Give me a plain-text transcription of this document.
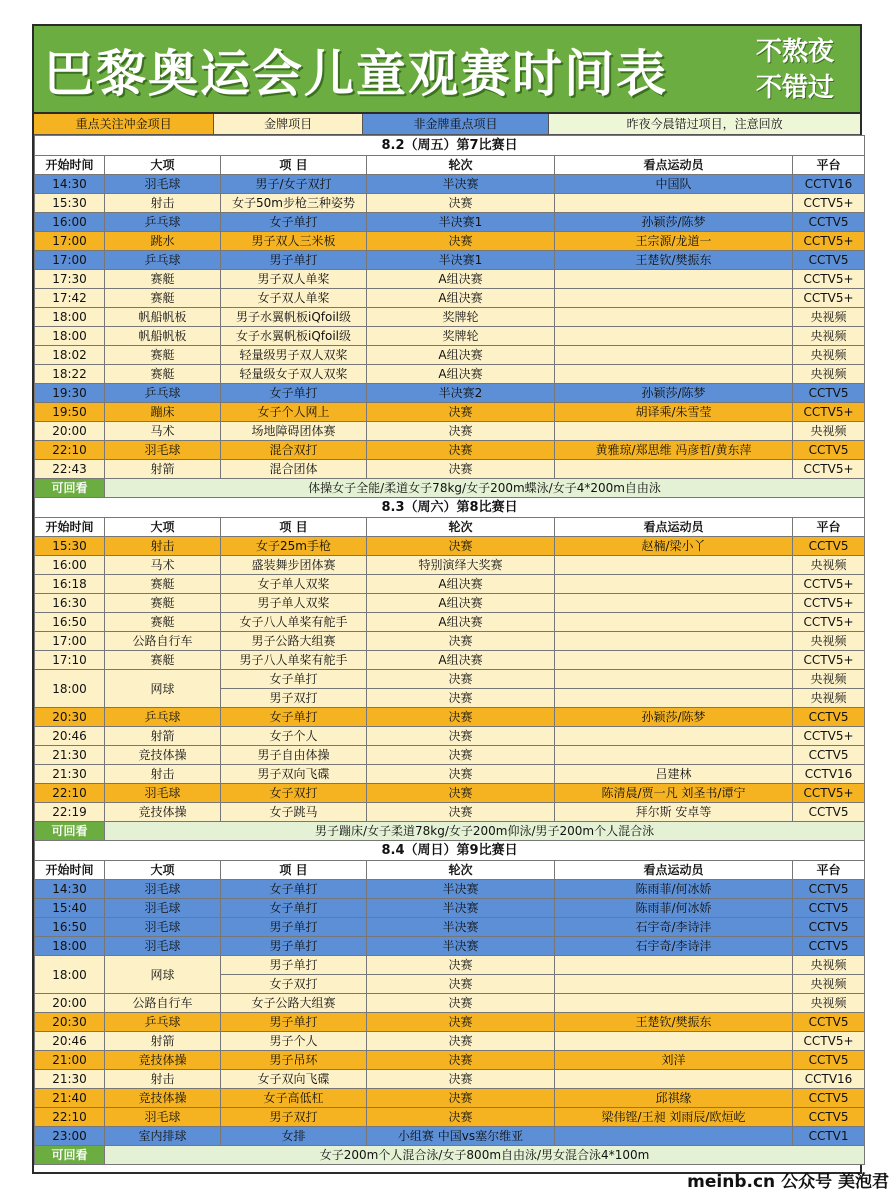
巴黎奥运会儿童观赛时间表	不熬夜
不错过
重点关注冲金项目	金牌项目	非金牌重点项目	昨夜今晨错过项目，注意回放
8.2（周五）第7比赛日					
开始时间	大项	项 目	轮次	看点运动员	平台
14:30	羽毛球	男子/女子双打	半决赛	中国队	CCTV16
15:30	射击	女子50m步枪三种姿势	决赛		CCTV5+
16:00	乒乓球	女子单打	半决赛1	孙颖莎/陈梦	CCTV5
17:00	跳水	男子双人三米板	决赛	王宗源/龙道一	CCTV5+
17:00	乒乓球	男子单打	半决赛1	王楚钦/樊振东	CCTV5
17:30	赛艇	男子双人单桨	A组决赛		CCTV5+
17:42	赛艇	女子双人单桨	A组决赛		CCTV5+
18:00	帆船帆板	男子水翼帆板iQfoil级	奖牌轮		央视频
18:00	帆船帆板	女子水翼帆板iQfoil级	奖牌轮		央视频
18:02	赛艇	轻量级男子双人双桨	A组决赛		央视频
18:22	赛艇	轻量级女子双人双桨	A组决赛		央视频
19:30	乒乓球	女子单打	半决赛2	孙颖莎/陈梦	CCTV5
19:50	蹦床	女子个人网上	决赛	胡译乘/朱雪莹	CCTV5+
20:00	马术	场地障碍团体赛	决赛		央视频
22:10	羽毛球	混合双打	决赛	黄雅琼/郑思维 冯彦哲/黄东萍	CCTV5
22:43	射箭	混合团体	决赛		CCTV5+
可回看	体操女子全能/柔道女子78kg/女子200m蝶泳/女子4*200m自由泳				
8.3（周六）第8比赛日					
开始时间	大项	项 目	轮次	看点运动员	平台
15:30	射击	女子25m手枪	决赛	赵楠/梁小丫	CCTV5
16:00	马术	盛装舞步团体赛	特别演绎大奖赛		央视频
16:18	赛艇	女子单人双桨	A组决赛		CCTV5+
16:30	赛艇	男子单人双桨	A组决赛		CCTV5+
16:50	赛艇	女子八人单桨有舵手	A组决赛		CCTV5+
17:00	公路自行车	男子公路大组赛	决赛		央视频
17:10	赛艇	男子八人单桨有舵手	A组决赛		CCTV5+
18:00	网球	女子单打	决赛		央视频
		男子双打	决赛		央视频
20:30	乒乓球	女子单打	决赛	孙颖莎/陈梦	CCTV5
20:46	射箭	女子个人	决赛		CCTV5+
21:30	竞技体操	男子自由体操	决赛		CCTV5
21:30	射击	男子双向飞碟	决赛	吕建林	CCTV16
22:10	羽毛球	女子双打	决赛	陈清晨/贾一凡 刘圣书/谭宁	CCTV5+
22:19	竞技体操	女子跳马	决赛	拜尔斯 安卓等	CCTV5
可回看	男子蹦床/女子柔道78kg/女子200m仰泳/男子200m个人混合泳				
8.4（周日）第9比赛日					
开始时间	大项	项 目	轮次	看点运动员	平台
14:30	羽毛球	女子单打	半决赛	陈雨菲/何冰娇	CCTV5
15:40	羽毛球	女子单打	半决赛	陈雨菲/何冰娇	CCTV5
16:50	羽毛球	男子单打	半决赛	石宇奇/李诗沣	CCTV5
18:00	羽毛球	男子单打	半决赛	石宇奇/李诗沣	CCTV5
18:00	网球	男子单打	决赛		央视频
		女子双打	决赛		央视频
20:00	公路自行车	女子公路大组赛	决赛		央视频
20:30	乒乓球	男子单打	决赛	王楚钦/樊振东	CCTV5
20:46	射箭	男子个人	决赛		CCTV5+
21:00	竞技体操	男子吊环	决赛	刘洋	CCTV5
21:30	射击	女子双向飞碟	决赛		CCTV16
21:40	竞技体操	女子高低杠	决赛	邱祺缘	CCTV5
22:10	羽毛球	男子双打	决赛	梁伟铿/王昶 刘雨辰/欧烜屹	CCTV5
23:00	室内排球	女排	小组赛 中国vs塞尔维亚		CCTV1
可回看	女子200m个人混合泳/女子800m自由泳/男女混合泳4*100m				
meinb.cn 公众号 美泡君
